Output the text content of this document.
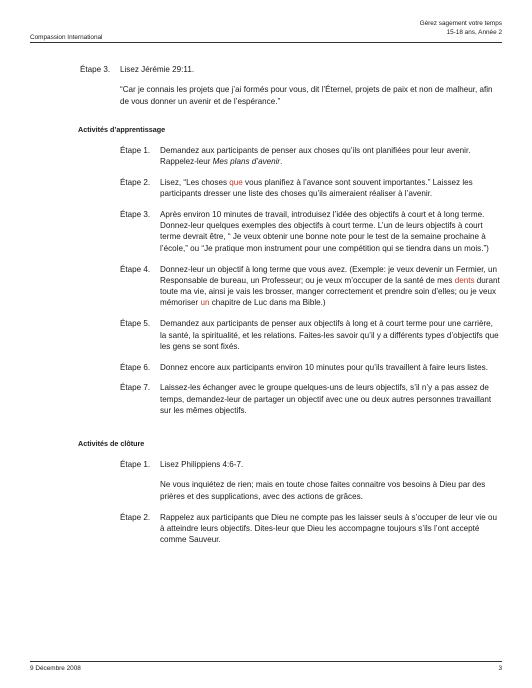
Compassion International
Gérez sagement votre temps
15-18 ans, Année 2
Étape 3.	Lisez Jérémie 29:11.

“Car je connais les projets que j’ai formés pour vous, dit l’Éternel, projets de paix et non de malheur, afin de vous donner un avenir et de l’espérance.”

Activités d’apprentissage
Étape 1.	Demandez aux participants de penser aux choses qu’ils ont planifiées pour leur avenir. Rappelez-leur Mes plans d’avenir.

Étape 2.	Lisez, “Les choses que vous planifiez à l’avance sont souvent importantes.” Laissez les participants dresser une liste des choses qu’ils aimeraient réaliser à l’avenir.

Étape 3.	Après environ 10 minutes de travail, introduisez l’idée des objectifs à court et à long terme. Donnez-leur quelques exemples des objectifs à court terme. L’un de leurs objectifs à court terme devrait être, “ Je veux obtenir une bonne note pour le test de la semaine prochaine à l’école,” ou “Je pratique mon instrument pour une compétition qui se tiendra dans un mois.”)

Étape 4.	Donnez-leur un objectif à long terme que vous avez. (Exemple: je veux devenir un Fermier, un Responsable de bureau, un Professeur; ou je veux m’occuper de la santé de mes dents durant toute ma vie, ainsi je vais les brosser, manger correctement et prendre soin d’elles; ou je veux mémoriser un chapitre de Luc dans ma Bible.)

Étape 5.	Demandez aux participants de penser aux objectifs à long et à court terme pour une carrière, la santé, la spiritualité, et les relations. Faites-les savoir qu’il y a différents types d’objectifs que les gens se sont fixés.

Étape 6.	Donnez encore aux participants environ 10 minutes pour qu’ils travaillent à faire leurs listes.

Étape 7.	Laissez-les échanger avec le groupe quelques-uns de leurs objectifs, s’il n’y a pas assez de temps, demandez-leur de partager un objectif avec une ou deux autres personnes travaillant sur les mêmes objectifs.

Activités de clôture
Étape 1.	Lisez Philippiens 4:6-7.

Ne vous inquiétez de rien; mais en toute chose faites connaitre vos besoins à Dieu par des prières et des supplications, avec des actions de grâces.

Étape 2.	Rappelez aux participants que Dieu ne compte pas les laisser seuls à s’occuper de leur vie ou à atteindre leurs objectifs. Dites-leur que Dieu les accompagne toujours s’ils l’ont accepté comme Sauveur.

9 Décembre 2008	3
